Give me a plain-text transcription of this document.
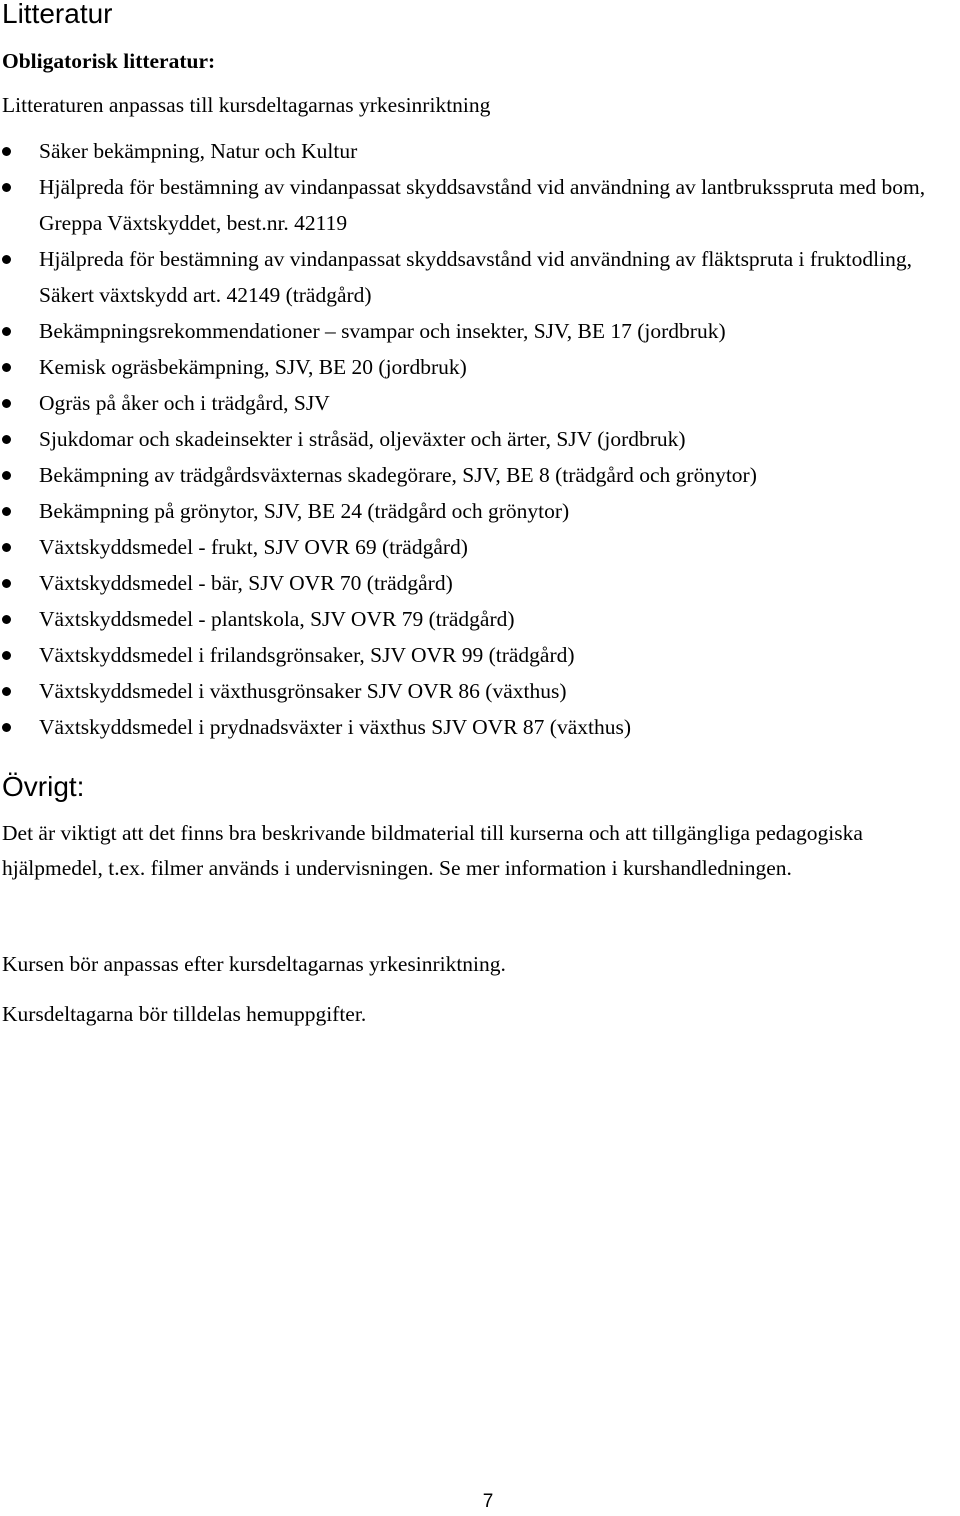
Litteratur
Obligatorisk litteratur:

Litteraturen anpassas till kursdeltagarnas yrkesinriktning

Säker bekämpning, Natur och Kultur
Hjälpreda för bestämning av vindanpassat skyddsavstånd vid användning av lantbruksspruta med bom, Greppa Växtskyddet, best.nr. 42119
Hjälpreda för bestämning av vindanpassat skyddsavstånd vid användning av fläktspruta i fruktodling, Säkert växtskydd art. 42149 (trädgård)
Bekämpningsrekommendationer – svampar och insekter, SJV, BE 17 (jordbruk)
Kemisk ogräsbekämpning, SJV, BE 20 (jordbruk)
Ogräs på åker och i trädgård, SJV
Sjukdomar och skadeinsekter i stråsäd, oljeväxter och ärter, SJV (jordbruk)
Bekämpning av trädgårdsväxternas skadegörare, SJV, BE 8 (trädgård och grönytor)
Bekämpning på grönytor, SJV, BE 24 (trädgård och grönytor)
Växtskyddsmedel - frukt, SJV OVR 69 (trädgård)
Växtskyddsmedel - bär, SJV OVR 70 (trädgård)
Växtskyddsmedel - plantskola, SJV OVR 79 (trädgård)
Växtskyddsmedel i frilandsgrönsaker, SJV OVR 99 (trädgård)
Växtskyddsmedel i växthusgrönsaker SJV OVR 86 (växthus)
Växtskyddsmedel i prydnadsväxter i växthus SJV OVR 87 (växthus)
Övrigt:

Det är viktigt att det finns bra beskrivande bildmaterial till kurserna och att tillgängliga pedagogiska hjälpmedel, t.ex. filmer används i undervisningen. Se mer information i kurshandledningen.

Kursen bör anpassas efter kursdeltagarnas yrkesinriktning.

Kursdeltagarna bör tilldelas hemuppgifter.

7
